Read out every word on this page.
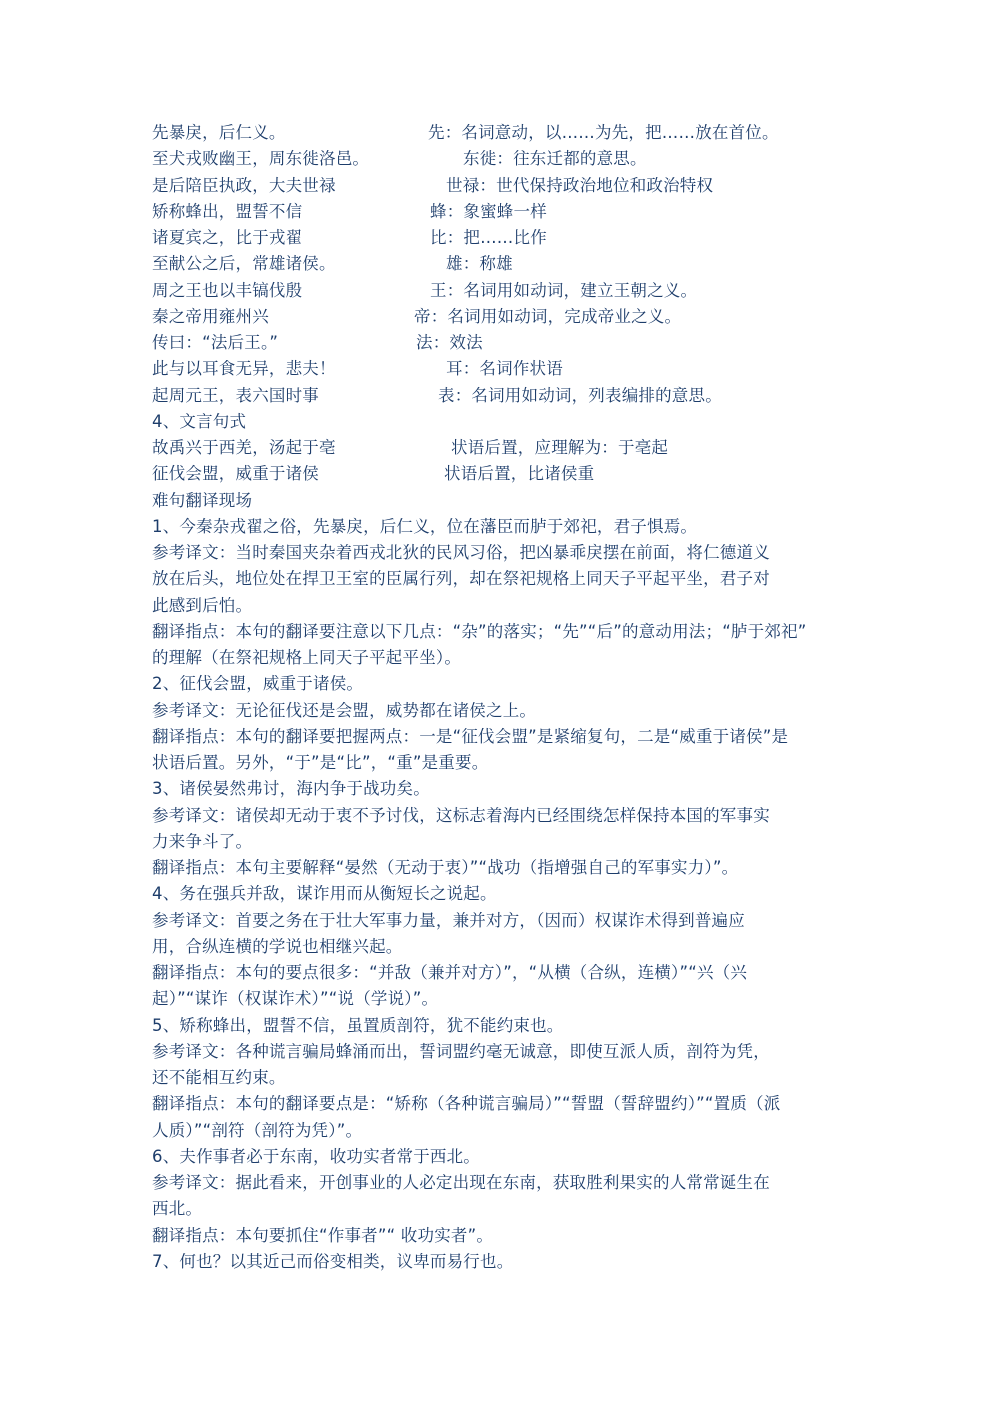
先暴戾，后仁义。	先：名词意动，以……为先，把……放在首位。
至犬戎败幽王，周东徙洛邑。	东徙：往东迁都的意思。
是后陪臣执政，大夫世禄	世禄：世代保持政治地位和政治特权
矫称蜂出，盟誓不信	蜂：象蜜蜂一样
诸夏宾之，比于戎翟	比：把……比作
至献公之后，常雄诸侯。	雄：称雄
周之王也以丰镐伐殷	王：名词用如动词，建立王朝之义。
秦之帝用雍州兴	帝：名词用如动词，完成帝业之义。
传曰：“法后王。”	法：效法
此与以耳食无异，悲夫！	耳：名词作状语
起周元王，表六国时事	表：名词用如动词，列表编排的意思。
4、文言句式
故禹兴于西羌，汤起于亳	状语后置，应理解为：于亳起
征伐会盟，威重于诸侯	状语后置，比诸侯重
难句翻译现场
1、今秦杂戎翟之俗，先暴戾，后仁义，位在藩臣而胪于郊祀，君子惧焉。
参考译文：当时秦国夹杂着西戎北狄的民风习俗，把凶暴乖戾摆在前面，将仁德道义
放在后头，地位处在捍卫王室的臣属行列，却在祭祀规格上同天子平起平坐，君子对
此感到后怕。
翻译指点：本句的翻译要注意以下几点：“杂”的落实；“先”“后”的意动用法；“胪于郊祀”
的理解（在祭祀规格上同天子平起平坐）。
2、征伐会盟，威重于诸侯。
参考译文：无论征伐还是会盟，威势都在诸侯之上。
翻译指点：本句的翻译要把握两点：一是“征伐会盟”是紧缩复句，二是“威重于诸侯”是
状语后置。另外，“于”是“比”，“重”是重要。
3、诸侯晏然弗讨，海内争于战功矣。
参考译文：诸侯却无动于衷不予讨伐，这标志着海内已经围绕怎样保持本国的军事实
力来争斗了。
翻译指点：本句主要解释“晏然（无动于衷）”“战功（指增强自己的军事实力）”。
4、务在强兵并敌，谋诈用而从衡短长之说起。
参考译文：首要之务在于壮大军事力量，兼并对方，（因而）权谋诈术得到普遍应
用，合纵连横的学说也相继兴起。
翻译指点：本句的要点很多：“并敌（兼并对方）”，“从横（合纵，连横）”“兴（兴
起）”“谋诈（权谋诈术）”“说（学说）”。
5、矫称蜂出，盟誓不信，虽置质剖符，犹不能约束也。
参考译文：各种谎言骗局蜂涌而出，誓词盟约毫无诚意，即使互派人质，剖符为凭，
还不能相互约束。
翻译指点：本句的翻译要点是：“矫称（各种谎言骗局）”“誓盟（誓辞盟约）”“置质（派
人质）”“剖符（剖符为凭）”。
6、夫作事者必于东南，收功实者常于西北。
参考译文：据此看来，开创事业的人必定出现在东南，获取胜利果实的人常常诞生在
西北。
翻译指点：本句要抓住“作事者”“ 收功实者”。
7、何也？以其近己而俗变相类，议卑而易行也。
